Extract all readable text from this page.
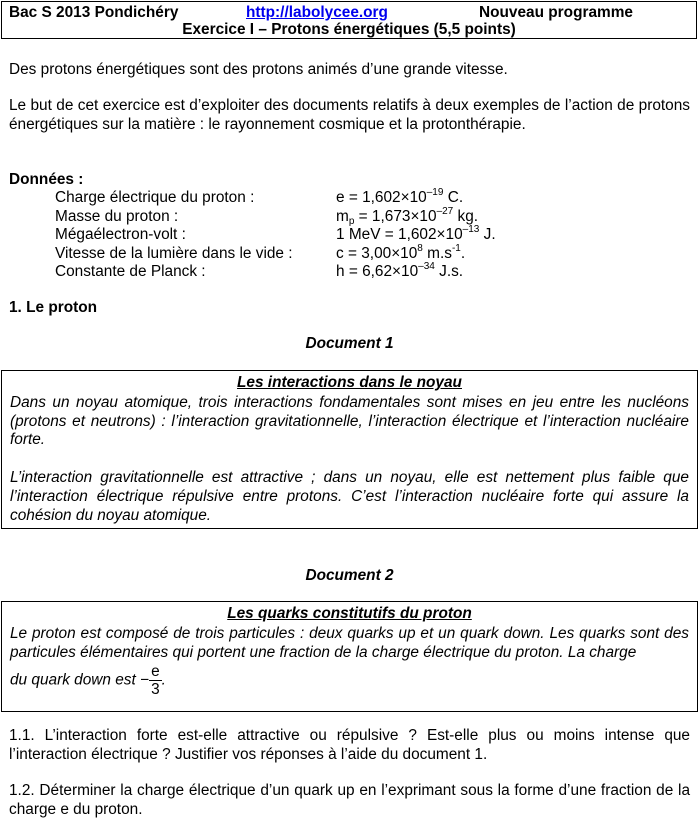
Bac S 2013 Pondichéry	http://labolycee.org	Nouveau programme
Exercice I – Protons énergétiques (5,5 points)
Des protons énergétiques sont des protons animés d’une grande vitesse.
Le but de cet exercice est d’exploiter des documents relatifs à deux exemples de l’action de protons énergétiques sur la matière : le rayonnement cosmique et la protonthérapie.
Données :
Charge électrique du proton :	$e = 1,602\times 10^{-19}$ C.
Masse du proton :	$m_p = 1,673\times 10^{-27}$ kg.
Mégaélectron-volt :	1 MeV = $1,602\times 10^{-13}$ J.
Vitesse de la lumière dans le vide :	$c = 3,00\times 10^8$ $m.s^{-1}$.
Constante de Planck :	$h = 6,62\times 10^{-34}$ J.s.
1. Le proton
Document 1
Les interactions dans le noyau
Dans un noyau atomique, trois interactions fondamentales sont mises en jeu entre les nucléons (protons et neutrons) : l’interaction gravitationnelle, l’interaction électrique et l’interaction nucléaire forte.
L’interaction gravitationnelle est attractive ; dans un noyau, elle est nettement plus faible que l’interaction électrique répulsive entre protons. C’est l’interaction nucléaire forte qui assure la cohésion du noyau atomique.
Document 2
Les quarks constitutifs du proton
Le proton est composé de trois particules : deux quarks up et un quark down. Les quarks sont des particules élémentaires qui portent une fraction de la charge électrique du proton. La charge
du quark down est − $\frac{e}{3}$ .
1.1. L’interaction forte est-elle attractive ou répulsive ? Est-elle plus ou moins intense que l’interaction électrique ? Justifier vos réponses à l’aide du document 1.
1.2. Déterminer la charge électrique d’un quark up en l’exprimant sous la forme d’une fraction de la charge e du proton.
